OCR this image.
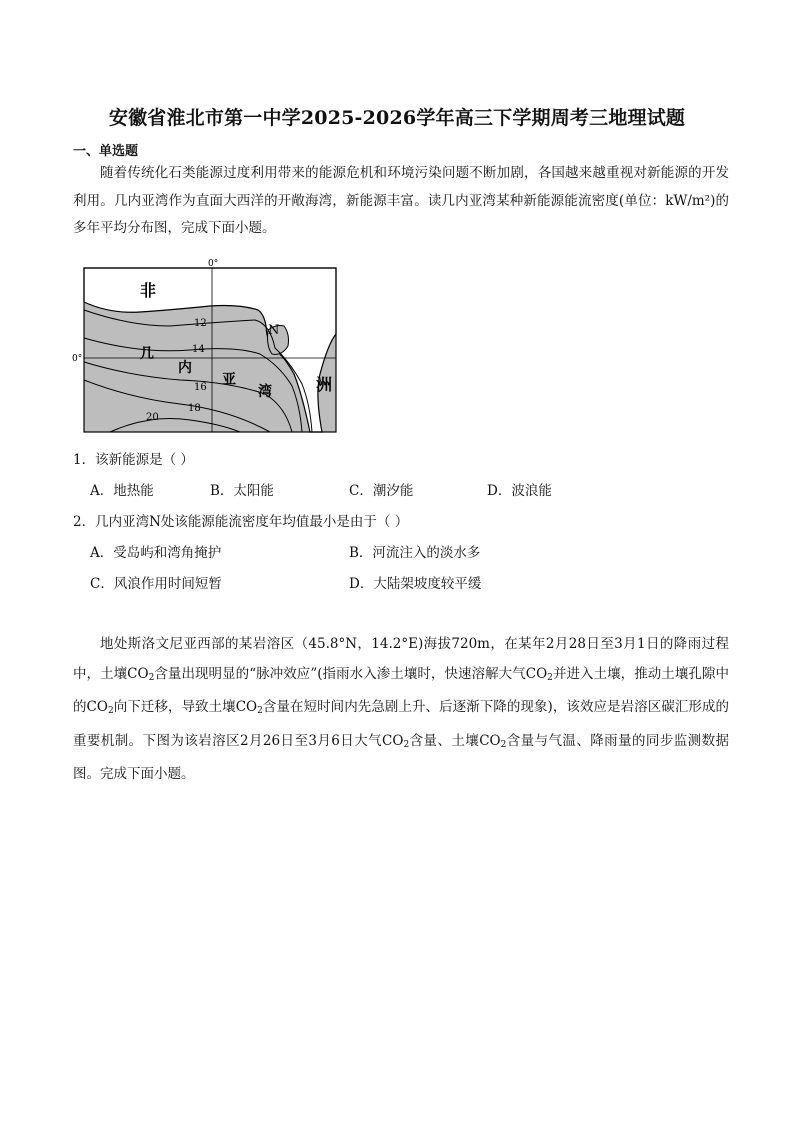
安徽省淮北市第一中学2025-2026学年高三下学期周考三地理试题
一、单选题
随着传统化石类能源过度利用带来的能源危机和环境污染问题不断加剧，各国越来越重视对新能源的开发利用。几内亚湾作为直面大西洋的开敞海湾，新能源丰富。读几内亚湾某种新能源能流密度(单位：kW/m²)的多年平均分布图，完成下面小题。
0°
0°
N
非
洲
几
内
亚
湾
12
14
16
18
20
1．该新能源是（ ）
A．地热能	B．太阳能	C．潮汐能	D．波浪能
2．几内亚湾N处该能源能流密度年均值最小是由于（ ）
A．受岛屿和湾角掩护	B．河流注入的淡水多
C．风浪作用时间短暂	D．大陆架坡度较平缓
地处斯洛文尼亚西部的某岩溶区（45.8°N，14.2°E)海拔720m，在某年2月28日至3月1日的降雨过程中，土壤$CO_2$含量出现明显的“脉冲效应”(指雨水入渗土壤时，快速溶解大气$CO_2$并进入土壤，推动土壤孔隙中的$CO_2$向下迁移，导致土壤$CO_2$含量在短时间内先急剧上升、后逐渐下降的现象)，该效应是岩溶区碳汇形成的重要机制。下图为该岩溶区2月26日至3月6日大气$CO_2$含量、土壤$CO_2$含量与气温、降雨量的同步监测数据图。完成下面小题。
